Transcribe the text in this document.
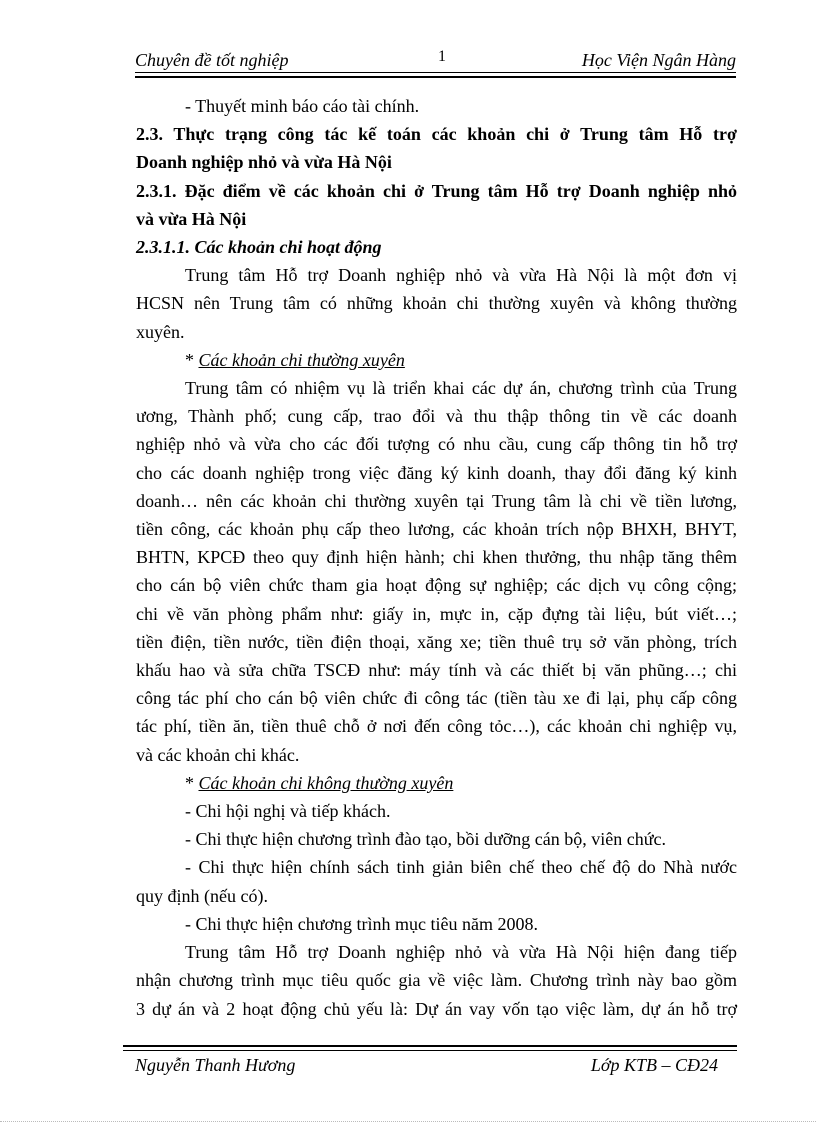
Chuyên đề tốt nghiệp	1	Học Viện Ngân Hàng

- Thuyết minh báo cáo tài chính.

2.3. Thực trạng công tác kế toán các khoản chi ở Trung tâm Hỗ trợ

Doanh nghiệp nhỏ và vừa Hà Nội

2.3.1. Đặc điểm về các khoản chi ở Trung tâm Hỗ trợ Doanh nghiệp nhỏ

và vừa Hà Nội

2.3.1.1. Các khoản chi hoạt động

Trung tâm Hỗ trợ Doanh nghiệp nhỏ và vừa Hà Nội là một đơn vị

HCSN nên Trung tâm có những khoản chi thường xuyên và không thường

xuyên.

* Các khoản chi thường xuyên

Trung tâm có nhiệm vụ là triển khai các dự án, chương trình của Trung

ương, Thành phố; cung cấp, trao đổi và thu thập thông tin về các doanh

nghiệp nhỏ và vừa cho các đối tượng có nhu cầu, cung cấp thông tin hỗ trợ

cho các doanh nghiệp trong việc đăng ký kinh doanh, thay đổi đăng ký kinh

doanh… nên các khoản chi thường xuyên tại Trung tâm là chi về tiền lương,

tiền công, các khoản phụ cấp theo lương, các khoản trích nộp BHXH, BHYT,

BHTN, KPCĐ theo quy định hiện hành; chi khen thưởng, thu nhập tăng thêm

cho cán bộ viên chức tham gia hoạt động sự nghiệp; các dịch vụ công cộng;

chi về văn phòng phẩm như: giấy in, mực in, cặp đựng tài liệu, bút viết…;

tiền điện, tiền nước, tiền điện thoại, xăng xe; tiền thuê trụ sở văn phòng, trích

khấu hao và sửa chữa TSCĐ như: máy tính và các thiết bị văn phũng…; chi

công tác phí cho cán bộ viên chức đi công tác (tiền tàu xe đi lại, phụ cấp công

tác phí, tiền ăn, tiền thuê chỗ ở nơi đến công tỏc…), các khoản chi nghiệp vụ,

và các khoản chi khác.

* Các khoản chi không thường xuyên

- Chi hội nghị và tiếp khách.

- Chi thực hiện chương trình đào tạo, bồi dưỡng cán bộ, viên chức.

- Chi thực hiện chính sách tinh giản biên chế theo chế độ do Nhà nước

quy định (nếu có).

- Chi thực hiện chương trình mục tiêu năm 2008.

Trung tâm Hỗ trợ Doanh nghiệp nhỏ và vừa Hà Nội hiện đang tiếp

nhận chương trình mục tiêu quốc gia về việc làm. Chương trình này bao gồm

3 dự án và 2 hoạt động chủ yếu là: Dự án vay vốn tạo việc làm, dự án hỗ trợ

Nguyễn Thanh Hương	Lớp KTB – CĐ24
